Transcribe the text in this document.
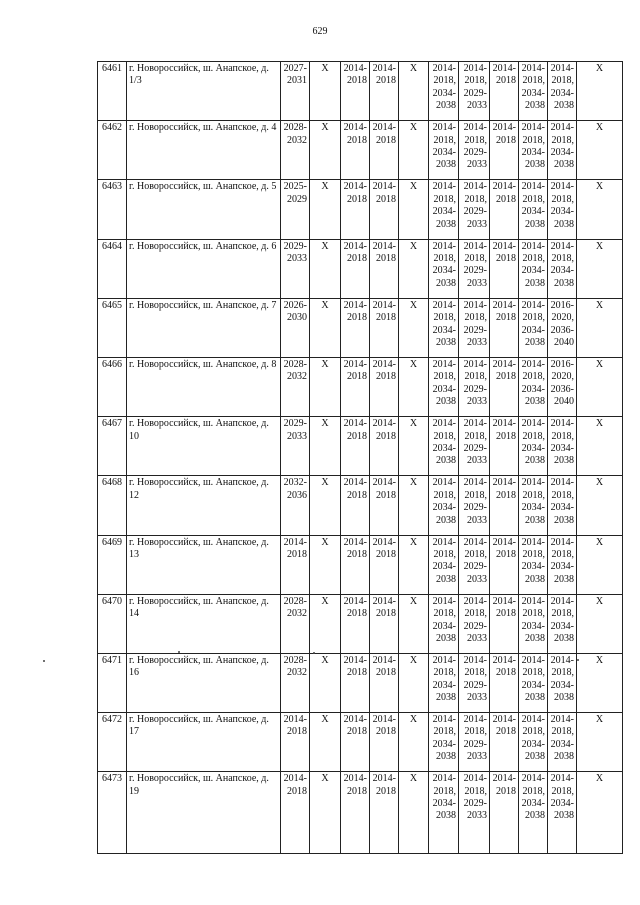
629
6461	г. Новороссийск, ш. Анапское, д. 1/3	2027-2031	X	2014-2018	2014-2018	X	2014-2018, 2034-2038	2014-2018, 2029-2033	2014-2018	2014-2018, 2034-2038	2014-2018, 2034-2038	X
6462	г. Новороссийск, ш. Анапское, д. 4	2028-2032	X	2014-2018	2014-2018	X	2014-2018, 2034-2038	2014-2018, 2029-2033	2014-2018	2014-2018, 2034-2038	2014-2018, 2034-2038	X
6463	г. Новороссийск, ш. Анапское, д. 5	2025-2029	X	2014-2018	2014-2018	X	2014-2018, 2034-2038	2014-2018, 2029-2033	2014-2018	2014-2018, 2034-2038	2014-2018, 2034-2038	X
6464	г. Новороссийск, ш. Анапское, д. 6	2029-2033	X	2014-2018	2014-2018	X	2014-2018, 2034-2038	2014-2018, 2029-2033	2014-2018	2014-2018, 2034-2038	2014-2018, 2034-2038	X
6465	г. Новороссийск, ш. Анапское, д. 7	2026-2030	X	2014-2018	2014-2018	X	2014-2018, 2034-2038	2014-2018, 2029-2033	2014-2018	2014-2018, 2034-2038	2016-2020, 2036-2040	X
6466	г. Новороссийск, ш. Анапское, д. 8	2028-2032	X	2014-2018	2014-2018	X	2014-2018, 2034-2038	2014-2018, 2029-2033	2014-2018	2014-2018, 2034-2038	2016-2020, 2036-2040	X
6467	г. Новороссийск, ш. Анапское, д. 10	2029-2033	X	2014-2018	2014-2018	X	2014-2018, 2034-2038	2014-2018, 2029-2033	2014-2018	2014-2018, 2034-2038	2014-2018, 2034-2038	X
6468	г. Новороссийск, ш. Анапское, д. 12	2032-2036	X	2014-2018	2014-2018	X	2014-2018, 2034-2038	2014-2018, 2029-2033	2014-2018	2014-2018, 2034-2038	2014-2018, 2034-2038	X
6469	г. Новороссийск, ш. Анапское, д. 13	2014-2018	X	2014-2018	2014-2018	X	2014-2018, 2034-2038	2014-2018, 2029-2033	2014-2018	2014-2018, 2034-2038	2014-2018, 2034-2038	X
6470	г. Новороссийск, ш. Анапское, д. 14	2028-2032	X	2014-2018	2014-2018	X	2014-2018, 2034-2038	2014-2018, 2029-2033	2014-2018	2014-2018, 2034-2038	2014-2018, 2034-2038	X
6471	г. Новороссийск, ш. Анапское, д. 16	2028-2032	X	2014-2018	2014-2018	X	2014-2018, 2034-2038	2014-2018, 2029-2033	2014-2018	2014-2018, 2034-2038	2014-2018, 2034-2038	X
6472	г. Новороссийск, ш. Анапское, д. 17	2014-2018	X	2014-2018	2014-2018	X	2014-2018, 2034-2038	2014-2018, 2029-2033	2014-2018	2014-2018, 2034-2038	2014-2018, 2034-2038	X
6473	г. Новороссийск, ш. Анапское, д. 19	2014-2018	X	2014-2018	2014-2018	X	2014-2018, 2034-2038	2014-2018, 2029-2033	2014-2018	2014-2018, 2034-2038	2014-2018, 2034-2038	X
